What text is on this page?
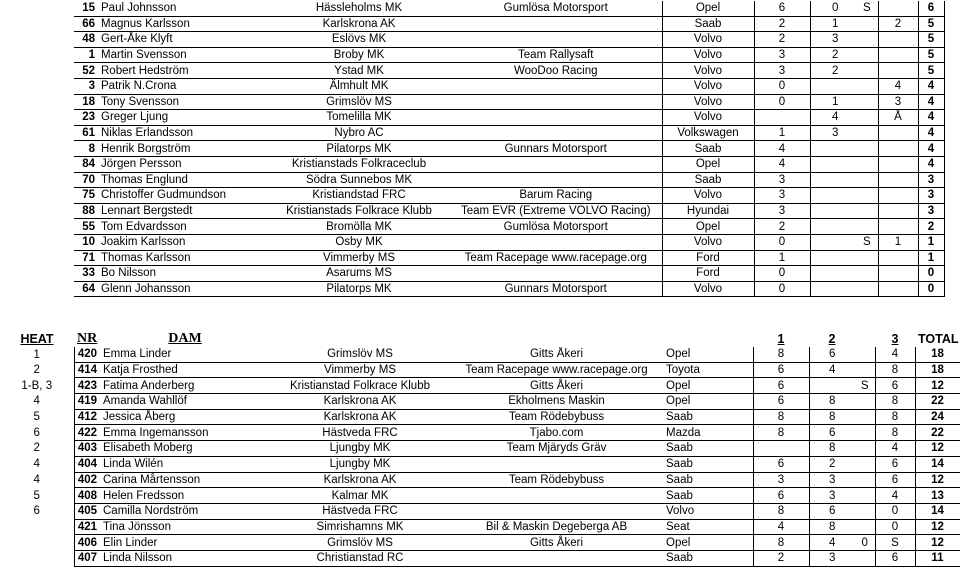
15	Paul Johnsson	Hässleholms MK	Gumlösa Motorsport	Opel	6	0	S		6
66	Magnus Karlsson	Karlskrona AK		Saab	2	1		2	5
48	Gert-Åke Klyft	Eslövs MK		Volvo	2	3			5
1	Martin Svensson	Broby MK	Team Rallysaft	Volvo	3	2			5
52	Robert Hedström	Ystad MK	WooDoo Racing	Volvo	3	2			5
3	Patrik N.Crona	Älmhult MK		Volvo	0			4	4
18	Tony Svensson	Grimslöv MS		Volvo	0	1		3	4
23	Greger Ljung	Tomelilla MK		Volvo		4		Å	4
61	Niklas Erlandsson	Nybro AC		Volkswagen	1	3			4
8	Henrik Borgström	Pilatorps MK	Gunnars Motorsport	Saab	4				4
84	Jörgen Persson	Kristianstads Folkraceclub		Opel	4				4
70	Thomas Englund	Södra Sunnebos MK		Saab	3				3
75	Christoffer Gudmundson	Kristiandstad FRC	Barum Racing	Volvo	3				3
88	Lennart Bergstedt	Kristianstads Folkrace Klubb	Team EVR (Extreme VOLVO Racing)	Hyundai	3				3
55	Tom Edvardsson	Bromölla MK	Gumlösa Motorsport	Opel	2				2
10	Joakim Karlsson	Osby MK		Volvo	0		S	1	1
71	Thomas Karlsson	Vimmerby MS	Team Racepage www.racepage.org	Ford	1				1
33	Bo Nilsson	Asarums MS		Ford	0				0
64	Glenn Johansson	Pilatorps MK	Gunnars Motorsport	Volvo	0				0
HEAT	NR	DAM				1	2		3	TOTAL
1	420	Emma Linder	Grimslöv MS	Gitts Åkeri	Opel	8	6		4	18
2	414	Katja Frosthed	Vimmerby MS	Team Racepage www.racepage.org	Toyota	6	4		8	18
1-B, 3	423	Fatima Anderberg	Kristianstad Folkrace Klubb	Gitts Åkeri	Opel	6		S	6	12
4	419	Amanda Wahllöf	Karlskrona AK	Ekholmens Maskin	Opel	6	8		8	22
5	412	Jessica Åberg	Karlskrona AK	Team Rödebybuss	Saab	8	8		8	24
6	422	Emma Ingemansson	Hästveda FRC	Tjabo.com	Mazda	8	6		8	22
2	403	Elisabeth Moberg	Ljungby MK	Team Mjäryds Gräv	Saab		8		4	12
4	404	Linda Wilén	Ljungby MK		Saab	6	2		6	14
4	402	Carina Mårtensson	Karlskrona AK	Team Rödebybuss	Saab	3	3		6	12
5	408	Helen Fredsson	Kalmar MK		Saab	6	3		4	13
6	405	Camilla Nordström	Hästveda FRC		Volvo	8	6		0	14
	421	Tina Jönsson	Simrishamns MK	Bil & Maskin Degeberga AB	Seat	4	8		0	12
	406	Elin Linder	Grimslöv MS	Gitts Åkeri	Opel	8	4	0	S	12
	407	Linda Nilsson	Christianstad RC		Saab	2	3		6	11
